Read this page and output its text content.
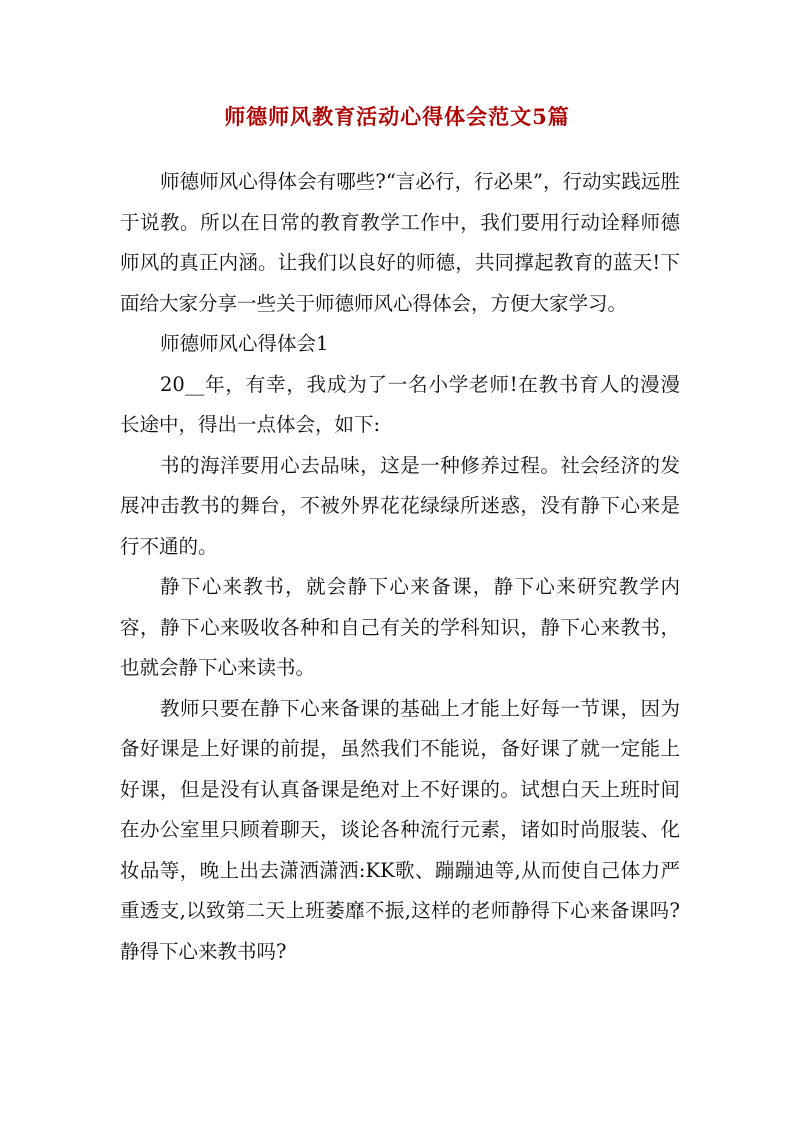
师德师风教育活动心得体会范文5篇

师德师风心得体会有哪些?“言必行，行必果”，行动实践远胜于说教。所以在日常的教育教学工作中，我们要用行动诠释师德师风的真正内涵。让我们以良好的师德，共同撑起教育的蓝天!下面给大家分享一些关于师德师风心得体会，方便大家学习。

师德师风心得体会1

20__年，有幸，我成为了一名小学老师!在教书育人的漫漫长途中，得出一点体会，如下:

书的海洋要用心去品味，这是一种修养过程。社会经济的发展冲击教书的舞台，不被外界花花绿绿所迷惑，没有静下心来是行不通的。

静下心来教书，就会静下心来备课，静下心来研究教学内容，静下心来吸收各种和自己有关的学科知识，静下心来教书，也就会静下心来读书。

教师只要在静下心来备课的基础上才能上好每一节课，因为备好课是上好课的前提，虽然我们不能说，备好课了就一定能上好课，但是没有认真备课是绝对上不好课的。试想白天上班时间在办公室里只顾着聊天，谈论各种流行元素，诸如时尚服装、化妆品等，晚上出去潇洒潇洒:KK歌、蹦蹦迪等,从而使自己体力严重透支,以致第二天上班萎靡不振,这样的老师静得下心来备课吗?静得下心来教书吗?
